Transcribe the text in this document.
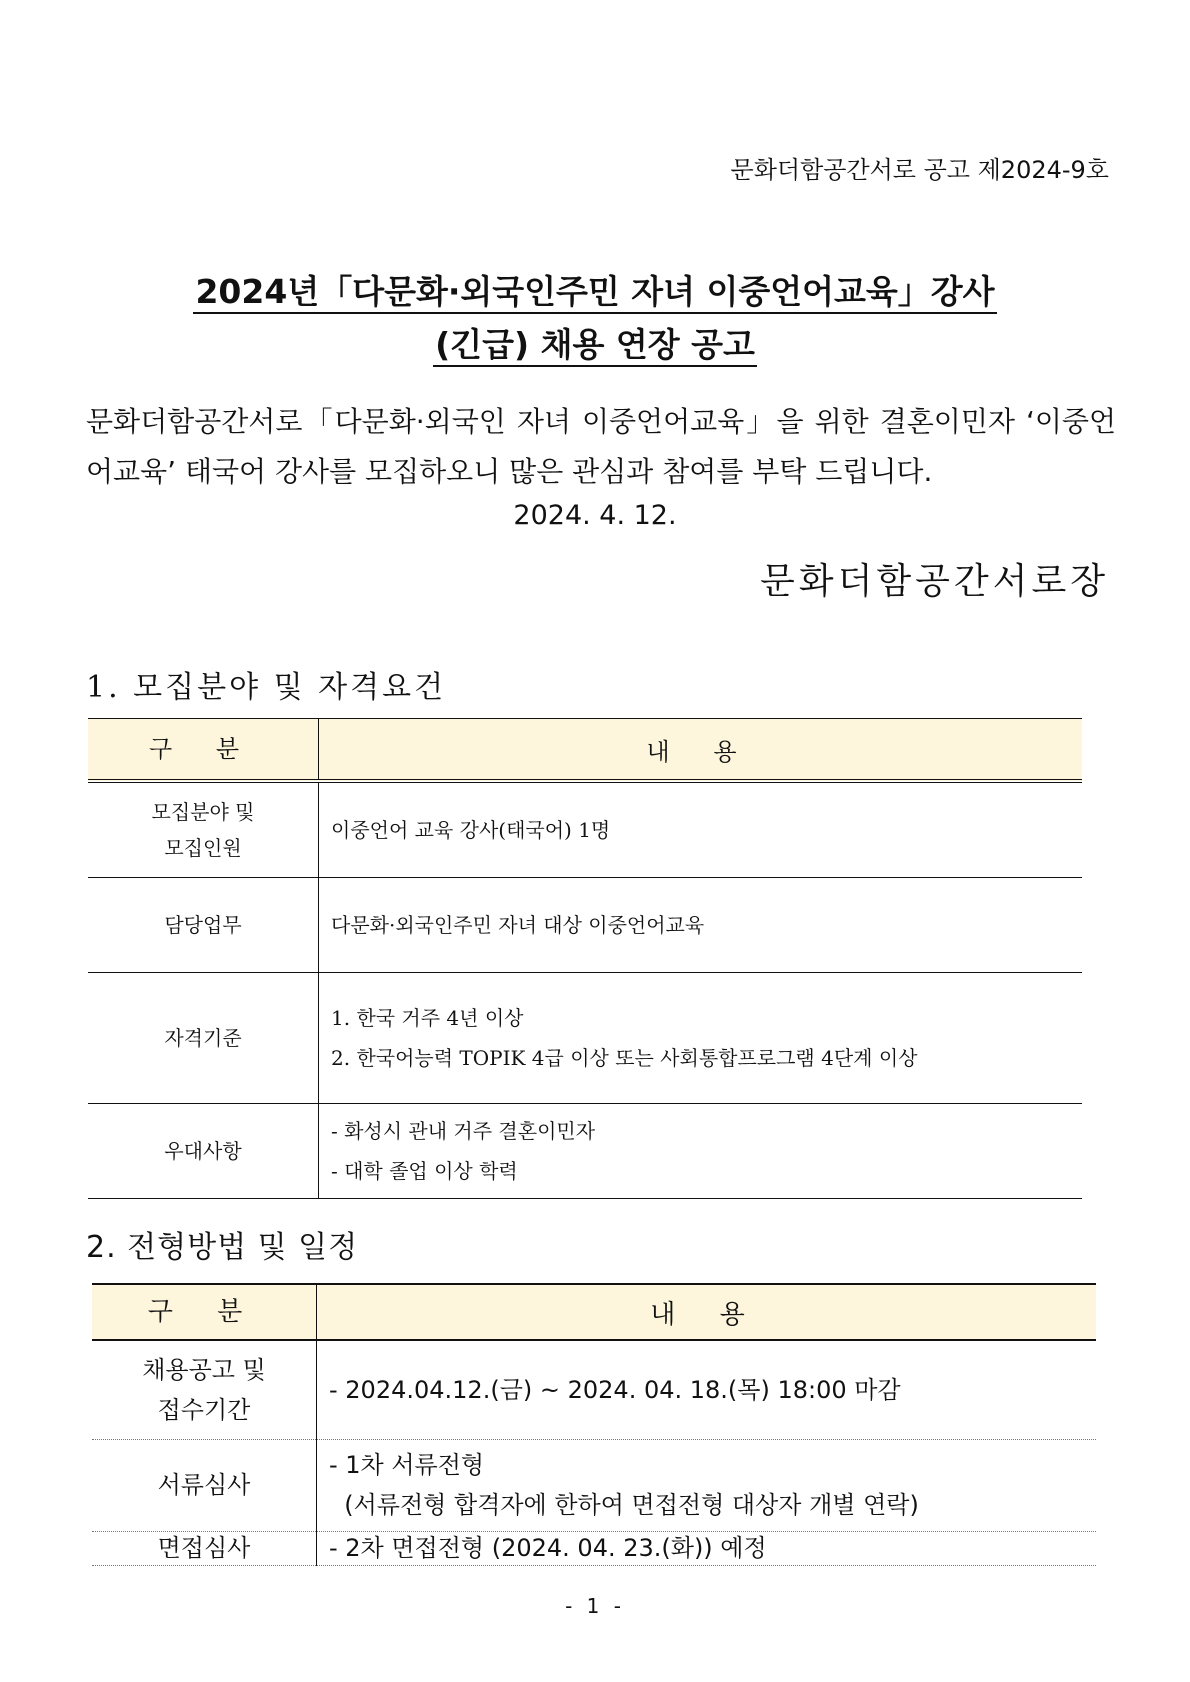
문화더함공간서로 공고 제2024-9호
2024년「다문화·외국인주민 자녀 이중언어교육」강사
(긴급) 채용 연장 공고
문화더함공간서로「다문화·외국인 자녀 이중언어교육」을 위한 결혼이민자 ‘이중언어교육’ 태국어 강사를 모집하오니 많은 관심과 참여를 부탁 드립니다.
2024. 4. 12.
문화더함공간서로장
1. 모집분야 및 자격요건
구 분	내 용

모집분야 및
모집인원	이중언어 교육 강사(태국어) 1명

담당업무	다문화·외국인주민 자녀 대상 이중언어교육

자격기준	1. 한국 거주 4년 이상
2. 한국어능력 TOPIK 4급 이상 또는 사회통합프로그램 4단계 이상

우대사항	- 화성시 관내 거주 결혼이민자
- 대학 졸업 이상 학력
2. 전형방법 및 일정
구 분	내 용

채용공고 및
접수기간	- 2024.04.12.(금) ~ 2024. 04. 18.(목) 18:00 마감

서류심사	- 1차 서류전형
(서류전형 합격자에 한하여 면접전형 대상자 개별 연락)

면접심사	- 2차 면접전형 (2024. 04. 23.(화)) 예정
- 1 -
